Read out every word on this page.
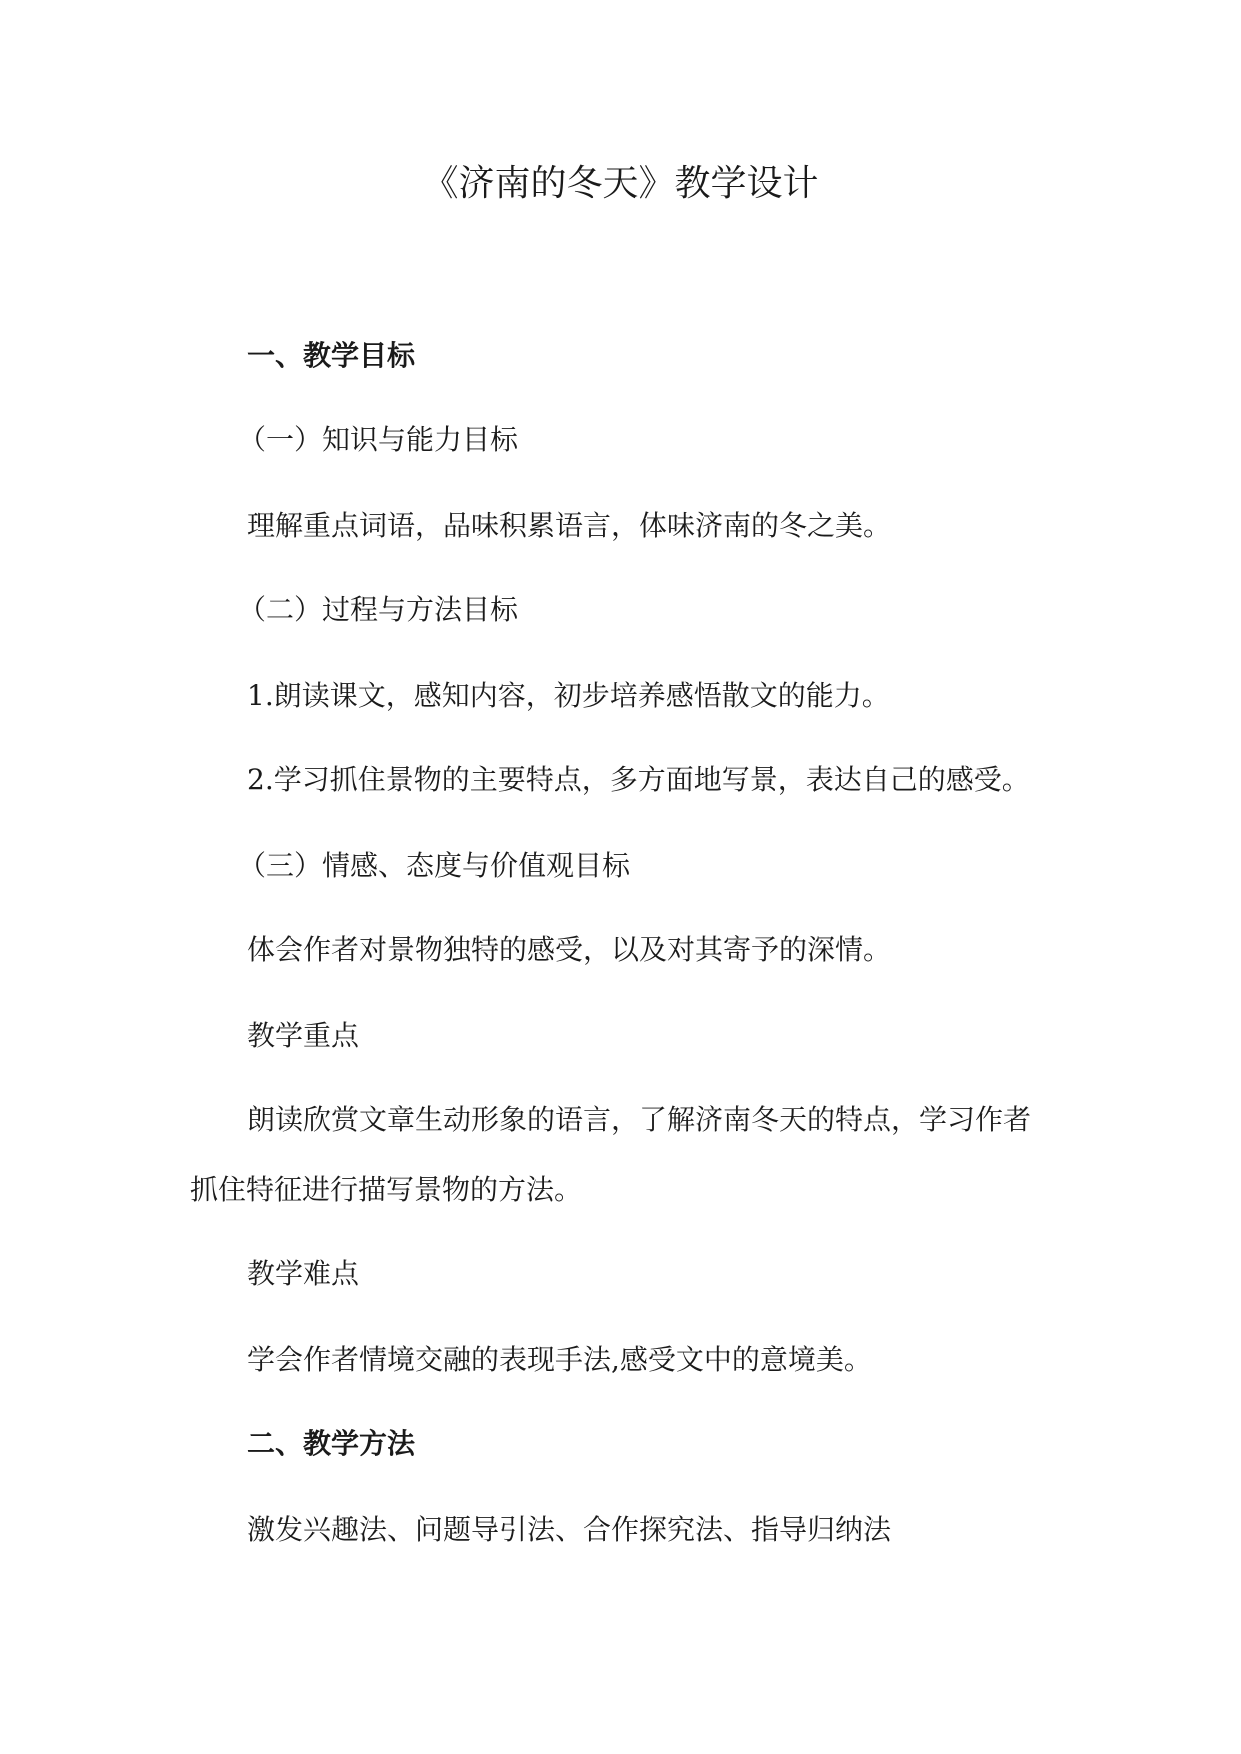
《济南的冬天》教学设计

一、教学目标

（一）知识与能力目标

理解重点词语，品味积累语言，体味济南的冬之美。

（二）过程与方法目标

1.朗读课文，感知内容，初步培养感悟散文的能力。

2.学习抓住景物的主要特点，多方面地写景，表达自己的感受。

（三）情感、态度与价值观目标

体会作者对景物独特的感受，以及对其寄予的深情。

教学重点

朗读欣赏文章生动形象的语言，了解济南冬天的特点，学习作者

抓住特征进行描写景物的方法。

教学难点

学会作者情境交融的表现手法,感受文中的意境美。

二、教学方法

激发兴趣法、问题导引法、合作探究法、指导归纳法
